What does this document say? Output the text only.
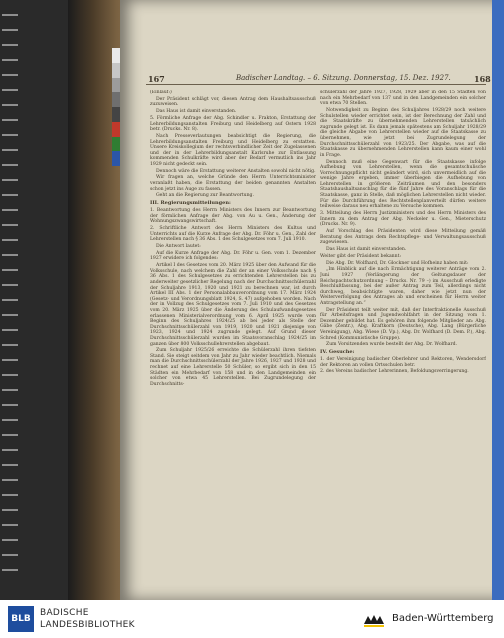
167	Badischer Landtag. – 6. Sitzung. Donnerstag, 15. Dez. 1927.	168

(Einlauf:)

Der Präsident schlägt vor, diesen Antrag dem Haushaltsausschuß zuzuweisen.

Das Haus ist damit einverstanden.

5. Förmliche Anfrage der Abg. Schindler u. Frakton, Erstattung der Lehrerbildungsanstalten Freiburg und Heidelberg auf Ostern 1928 betr. (Drucks. Nr. 8).

Nach Presseverlautungen beabsichtigt die Regierung, die Lehrerbildungsanstalten Freiburg und Heidelberg zu erstatten. Unsere Kreiskollegium der rechtsverbindlicher Zeit der Zugelassenen und der in der Lehrerbildungsanstalt Karlsruhe zur Entlassung kommenden Schulkräfte wird aber der Bedarf vermutlich ins Jahr 1929 nicht gedeckt sein.

Dennoch wäre die Erstattung weiterer Anstalten sowohl nicht nötig.

Wir fragen an, welche Gründe den Herrn Unterrichtsminister veranlaßt haben, die Erstattung der beiden genannten Anstalten schon jetzt ins Auge zu fassen.

Geht an die Regierung zur Beantwortung.

III. Regierungsmitteilungen:

1. Beantwortung des Herrn Ministers des Innern zur Beantwortung der förmlichen Anfrage der Abg. von Au u. Gen., Änderung der Wohnungszwangswirtschaft.

2. Schriftliche Antwort des Herrn Ministers des Kultus und Unterrichts auf die Kurze Anfrage der Abg. Dr. Föhr u. Gen., Zahl der Lehrerstellen nach § 36 Abs. 1 des Schulgesetzes vom 7. Juli 1910.

Die Antwort lautet:

Auf die Kurze Anfrage der Abg. Dr. Föhr u. Gen. vom 1. Dezember 1927 erwidere ich folgendes:

Artikel I des Gesetzes vom 20. März 1925 über den Aufwand für die Volksschule, nach welchem die Zahl der an einer Volksschule nach § 36 Abs. 1 des Schulgesetzes zu errichtenden Lehrerstellen bis zu anderweiter gesetzlicher Regelung nach der Durchschnittsschülerzahl der Schuljahre 1913, 1920 und 1921 zu berechnen war, ist durch Artikel III Abs. 1 der Personalabbauverordnung vom 17. März 1924 (Gesetz- und Verordnungsblatt 1924, S. 47) aufgehoben worden. Nach der in Vollzug des Schulgesetzes vom 7. Juli 1910 und des Gesetzes vom 20. März 1925 über die Änderung des Schulaufwandsgesetzes erlassenen Ministerialverordnung vom 6. April 1925 wurde vom Beginn des Schuljahres 1924/25 ab bei jeder als Stelle der Durchschnittsschülerzahl von 1919, 1920 und 1921 diejenige von 1923, 1924 und 1924 zugrunde gelegt. Auf Grund dieser Durchschnittsschülerzahl wurden im Staatsvoranschlag 1924/25 im ganzen über 800 Volksschullehrerstellen abgebaut.

Zum Schuljahr 1925/26 erreichte die Schülerzahl ihren tiefsten Stand. Sie steigt seitdem von Jahr zu Jahr wieder beachtlich. Niemals man die Durchschnittsschülerzahl der Jahre 1926, 1927 und 1928 und rechnet auf eine Lehrerstelle 50 Schüler, so ergibt sich in den 15 Städten ein Mehrbedarf von 158 und in den Landgemeinden ein solcher von etwa 45 Lehrerstellen. Bei Zugrundelegung der Durchschnitts-

schülerzahl der Jahre 1927, 1928, 1929 aber in den 15 Städten von nach ein Mehrbedarf von 137 und in den Landgemeinden ein solcher von etwa 70 Stellen.

Notwendigkeit zu Beginn des Schuljahres 1928/29 noch weitere Schulstellen wieder errichtet sein, ist der Berechnung der Zahl und die Staatskräfte zu übernehmenden Lehrerstellen tatsächlich zugrunde gelegt ist. Es dann jemals spätestens am Schuljahr 1928/29 die gleiche Abgabe von Lehrerstellen wieder auf die Staatskasse zu übernehmen, wie jetzt bei Zugrundelegung der Durchschnittsschülerzahl von 1923/25. Der Abgabe, was auf die Staatskasse zu übernehmenden Lehrerstellen kann kaum einer wohl in Frage.

Dennoch muß eine Gegenwart für die Staatskasse infolge Aufhebung von Lehrerstellen, wenn die gesamtschulische Vorrechnungspflicht nicht geändert wird, sich unvermeidlich auf die wenige Jahre ergeben, immer überbiegen die Aufhebung von Lehrerstellen in größeren Zeiträumen und den besonders Staatshaushaltsanschlag für die fünf Jahre des Voranschlags für die Staatskasse, ganz in Stelle, daß möglichen Lehrerstellen nicht wieder. Für die Durchführung des Rechtstellenplanverteilt dürfen weitere teilweise daraus neu erhaltene zu Versuche kommen.

3. Mitteilung des Herrn Justizministers und des Herrn Ministers des Innern zu dem Antrag der Abg. Neckeler u. Gen., Mieterschutz (Drucks. Nr. 9).

Auf Vorschlag des Präsidenten wird diese Mitteilung gemäß Beratung des Antrags dem Rechtspflege- und Verwaltungsausschuß zugewiesen.

Das Haus ist damit einverstanden.

Weiter gibt der Präsident bekannt:

Die Abg. Dr. Wolfhard, Dr. Glockner und Hofheinz haben mit:

„Im Hinblick auf die nach Ermächtigung weiterer Anträge vom 2. Juni 1927 (Verlängerung der Geltungsdauer der Reichspachtschutzordnung – Drucks. Nr. 79 –) im Ausschuß erledigte Beschlußfassung, bei der außer Antrag zum Teil, allerdings nicht durchweg, beabsichtigte waren, daher wie jetzt nun der Weiterverfolgung des Antrages ab und erscheinen für Herrn weiter Antragstellung an.“

Der Präsident teilt weiter mit, daß der Interfraktionelle Ausschuß für Arbeitsfragen und Jugendwohlfahrt in der Sitzung vom 1. Dezember gebildet hat. Es gehören ihm folgende Mitglieder an: Abg. Gäbe (Zentr.), Abg. Kraftkorn (Deutsche), Abg. Lang (Bürgerliche Vereinigung), Abg. Wiese (D. Vp.), Abg. Dr. Wolfhard (D. Dem. P.), Abg. Schred (Kommunistische Gruppe).

Zum Vorsitzenden wurde bestellt der Abg. Dr. Wolfhard.

IV. Gesuche:

1. der Vereinigung badischer Oberlehrer und Rektoren, Wendersdorf der Rektoren an vollen Ortsschulen betr.

2. des Vereins badischer Lehrerinnen, Befoldungsverringerung.

BLB
BADISCHE
LANDESBIBLIOTHEK
Baden-Württemberg
